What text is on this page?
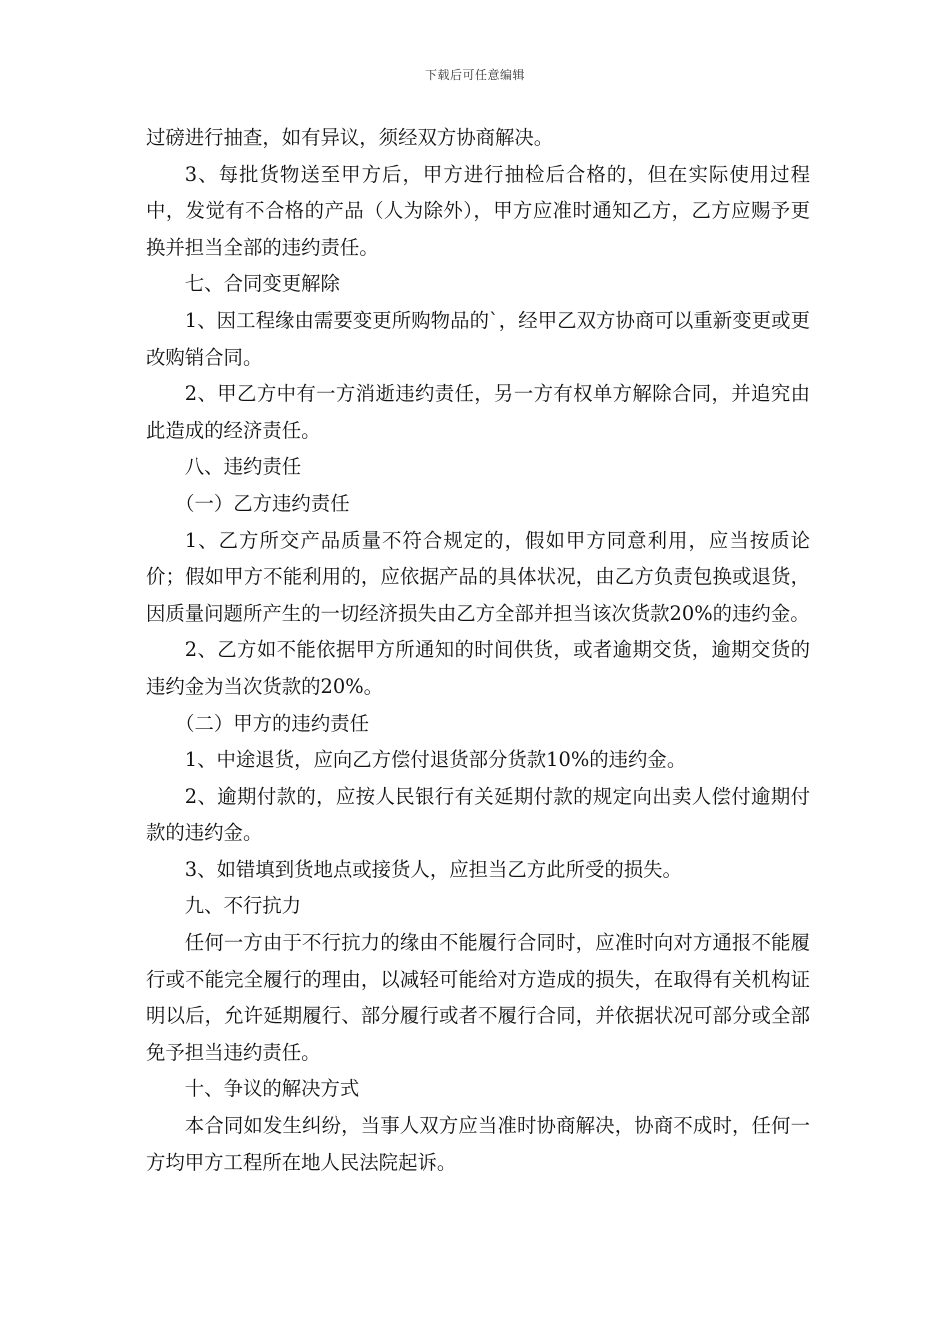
下载后可任意编辑

过磅进行抽查，如有异议，须经双方协商解决。

3、每批货物送至甲方后，甲方进行抽检后合格的，但在实际使用过程中，发觉有不合格的产品（人为除外），甲方应准时通知乙方，乙方应赐予更换并担当全部的违约责任。

七、合同变更解除

1、因工程缘由需要变更所购物品的`，经甲乙双方协商可以重新变更或更改购销合同。

2、甲乙方中有一方消逝违约责任，另一方有权单方解除合同，并追究由此造成的经济责任。

八、违约责任

（一）乙方违约责任

1、乙方所交产品质量不符合规定的，假如甲方同意利用，应当按质论价；假如甲方不能利用的，应依据产品的具体状况，由乙方负责包换或退货，因质量问题所产生的一切经济损失由乙方全部并担当该次货款20%的违约金。

2、乙方如不能依据甲方所通知的时间供货，或者逾期交货，逾期交货的违约金为当次货款的20%。

（二）甲方的违约责任

1、中途退货，应向乙方偿付退货部分货款10%的违约金。

2、逾期付款的，应按人民银行有关延期付款的规定向出卖人偿付逾期付款的违约金。

3、如错填到货地点或接货人，应担当乙方此所受的损失。

九、不行抗力

任何一方由于不行抗力的缘由不能履行合同时，应准时向对方通报不能履行或不能完全履行的理由，以减轻可能给对方造成的损失，在取得有关机构证明以后，允许延期履行、部分履行或者不履行合同，并依据状况可部分或全部免予担当违约责任。

十、争议的解决方式

本合同如发生纠纷，当事人双方应当准时协商解决，协商不成时，任何一方均甲方工程所在地人民法院起诉。
